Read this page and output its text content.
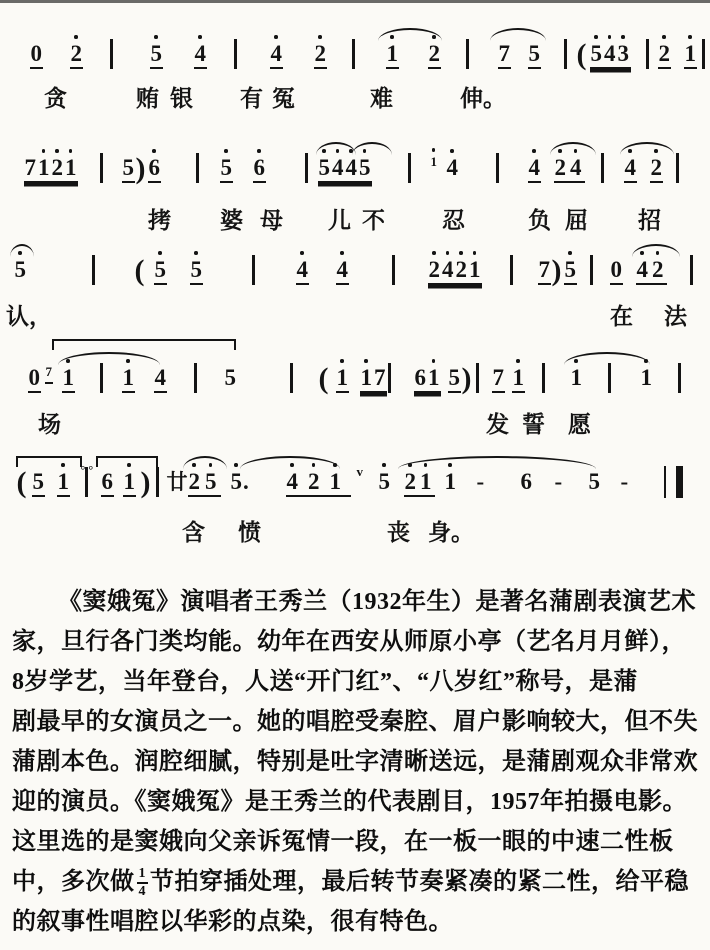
0 2	5 4	4 2	1 2	7 5 ( 5
4
3 2 1
贪	贿 银 有 冤	难	伸。
71
2
1 5 ) 6	5 6 5
4
4
5	1 4	4 2 4 4 2
拷 婆 母 儿 不 忍	负 屈 招
5	( 5 5	4 4	2
4
2
1	7 ) 5 0 4 2
认，	在 法
0 7 1 1 4	5	( 1 1
7 61 5 ) 7 1 1	1
场	发 誓 愿
( 5 1 °° 6 1 ) 廿 2 5 5
. 4 2 1	v 5 2 1 1 - 6 - 5 -
含 愤	丧 身。
《窦娥冤》演唱者王秀兰（1932年生）是著名蒲剧表演艺术
家，旦行各门类均能。幼年在西安从师原小亭（艺名月月鲜），
8岁学艺，当年登台，人送“开门红”、“八岁红”称号，是蒲
剧最早的女演员之一。她的唱腔受秦腔、眉户影响较大，但不失
蒲剧本色。润腔细腻，特别是吐字清晰送远，是蒲剧观众非常欢
迎的演员。《窦娥冤》是王秀兰的代表剧目，1957年拍摄电影。
这里选的是窦娥向父亲诉冤情一段，在一板一眼的中速二性板
中，多次做 $\frac{1}{4}$ 节拍穿插处理，最后转节奏紧凑的紧二性，给平稳
的叙事性唱腔以华彩的点染，很有特色。
